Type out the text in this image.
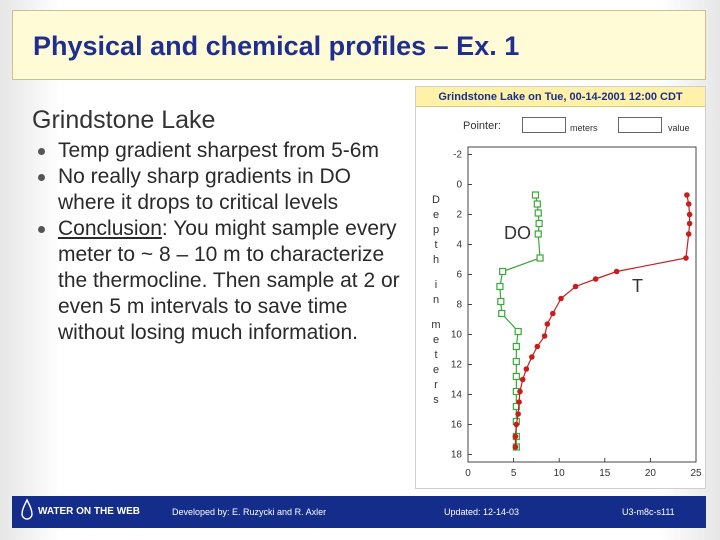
Physical and chemical profiles – Ex. 1
Grindstone Lake
Temp gradient sharpest from 5-6m
No really sharp gradients in DO where it drops to critical levels
Conclusion: You might sample every meter to ~ 8 – 10 m to characterize the thermocline. Then sample at 2 or even 5 m intervals to save time without losing much information.
Grindstone Lake on Tue, 00-14-2001 12:00 CDT
Pointer:	meters	value
-2
0
2
4
6
8
10
12
14
16
18
0	5	10	15	20	25
D
e
p
t
h
i
n
m
e
t
e
r
s
DO
T
WATER ON THE WEB	Developed by: E. Ruzycki and R. Axler	Updated: 12-14-03	U3-m8c-s111
